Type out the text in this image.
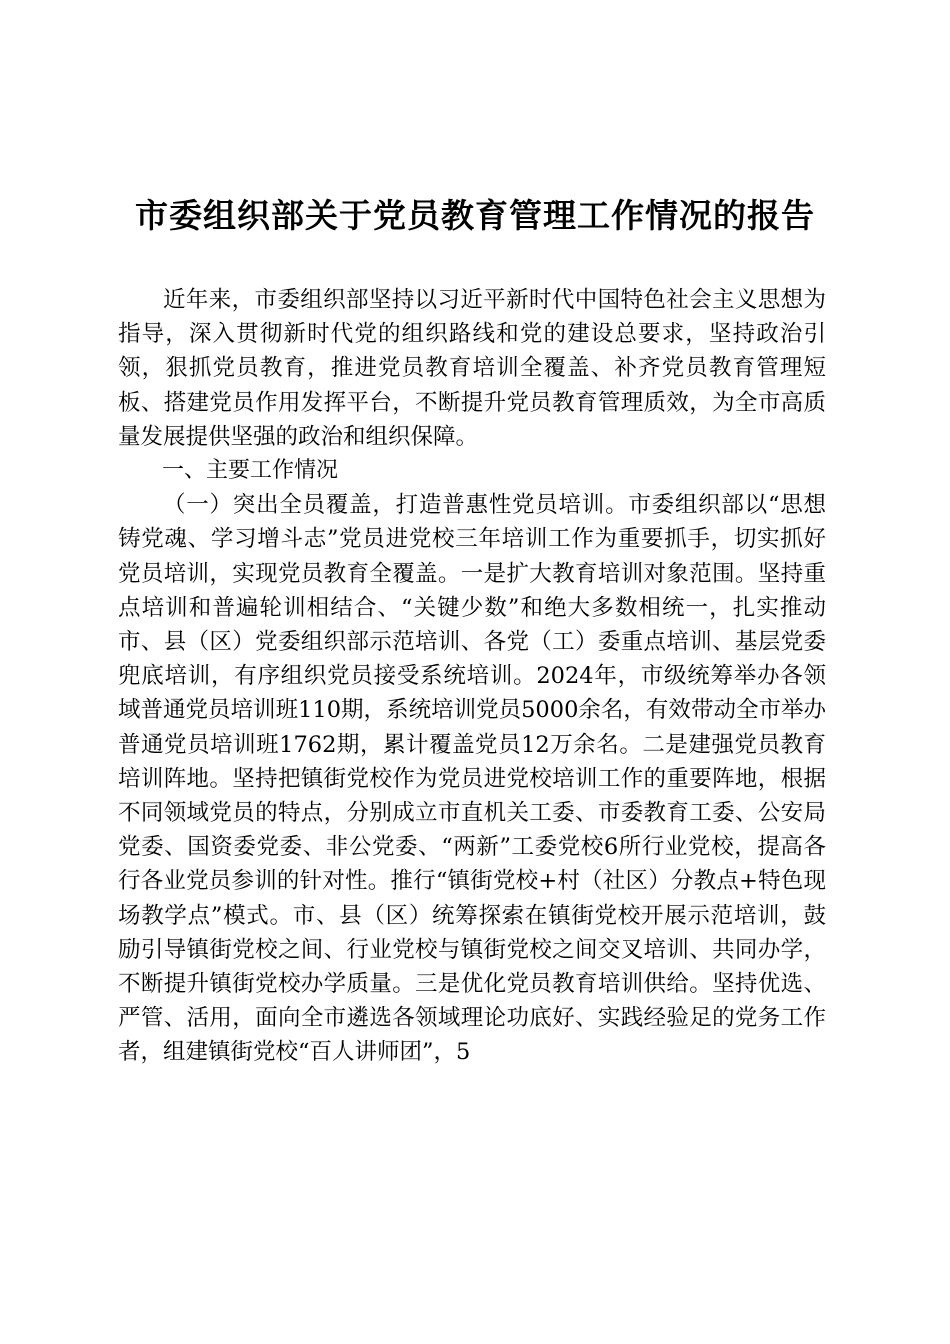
市委组织部关于党员教育管理工作情况的报告

近年来，市委组织部坚持以习近平新时代中国特色社会主义思想为指导，深入贯彻新时代党的组织路线和党的建设总要求，坚持政治引领，狠抓党员教育，推进党员教育培训全覆盖、补齐党员教育管理短板、搭建党员作用发挥平台，不断提升党员教育管理质效，为全市高质量发展提供坚强的政治和组织保障。

一、主要工作情况

（一）突出全员覆盖，打造普惠性党员培训。市委组织部以“思想铸党魂、学习增斗志”党员进党校三年培训工作为重要抓手，切实抓好党员培训，实现党员教育全覆盖。一是扩大教育培训对象范围。坚持重点培训和普遍轮训相结合、“关键少数”和绝大多数相统一，扎实推动市、县（区）党委组织部示范培训、各党（工）委重点培训、基层党委兜底培训，有序组织党员接受系统培训。2024年，市级统筹举办各领域普通党员培训班110期，系统培训党员5000余名，有效带动全市举办普通党员培训班1762期，累计覆盖党员12万余名。二是建强党员教育培训阵地。坚持把镇街党校作为党员进党校培训工作的重要阵地，根据不同领域党员的特点，分别成立市直机关工委、市委教育工委、公安局党委、国资委党委、非公党委、“两新”工委党校6所行业党校，提高各行各业党员参训的针对性。推行“镇街党校+村（社区）分教点+特色现场教学点”模式。市、县（区）统筹探索在镇街党校开展示范培训，鼓励引导镇街党校之间、行业党校与镇街党校之间交叉培训、共同办学，不断提升镇街党校办学质量。三是优化党员教育培训供给。坚持优选、严管、活用，面向全市遴选各领域理论功底好、实践经验足的党务工作者，组建镇街党校“百人讲师团”，5
